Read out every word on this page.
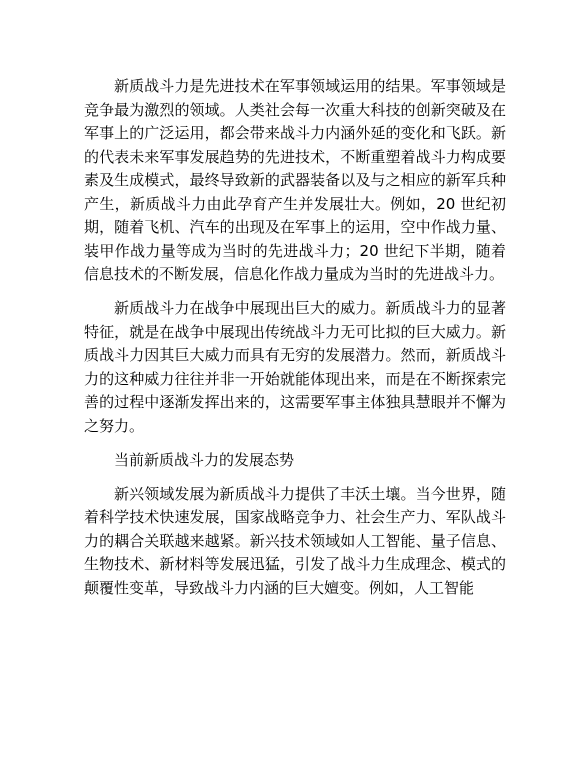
新质战斗力是先进技术在军事领域运用的结果。军事领域是竞争最为激烈的领域。人类社会每一次重大科技的创新突破及在军事上的广泛运用，都会带来战斗力内涵外延的变化和飞跃。新的代表未来军事发展趋势的先进技术，不断重塑着战斗力构成要素及生成模式，最终导致新的武器装备以及与之相应的新军兵种产生，新质战斗力由此孕育产生并发展壮大。例如，20 世纪初期，随着飞机、汽车的出现及在军事上的运用，空中作战力量、装甲作战力量等成为当时的先进战斗力；20 世纪下半期，随着信息技术的不断发展，信息化作战力量成为当时的先进战斗力。

新质战斗力在战争中展现出巨大的威力。新质战斗力的显著特征，就是在战争中展现出传统战斗力无可比拟的巨大威力。新质战斗力因其巨大威力而具有无穷的发展潜力。然而，新质战斗力的这种威力往往并非一开始就能体现出来，而是在不断探索完善的过程中逐渐发挥出来的，这需要军事主体独具慧眼并不懈为之努力。

当前新质战斗力的发展态势

新兴领域发展为新质战斗力提供了丰沃土壤。当今世界，随着科学技术快速发展，国家战略竞争力、社会生产力、军队战斗力的耦合关联越来越紧。新兴技术领域如人工智能、量子信息、生物技术、新材料等发展迅猛，引发了战斗力生成理念、模式的颠覆性变革，导致战斗力内涵的巨大嬗变。例如，人工智能
